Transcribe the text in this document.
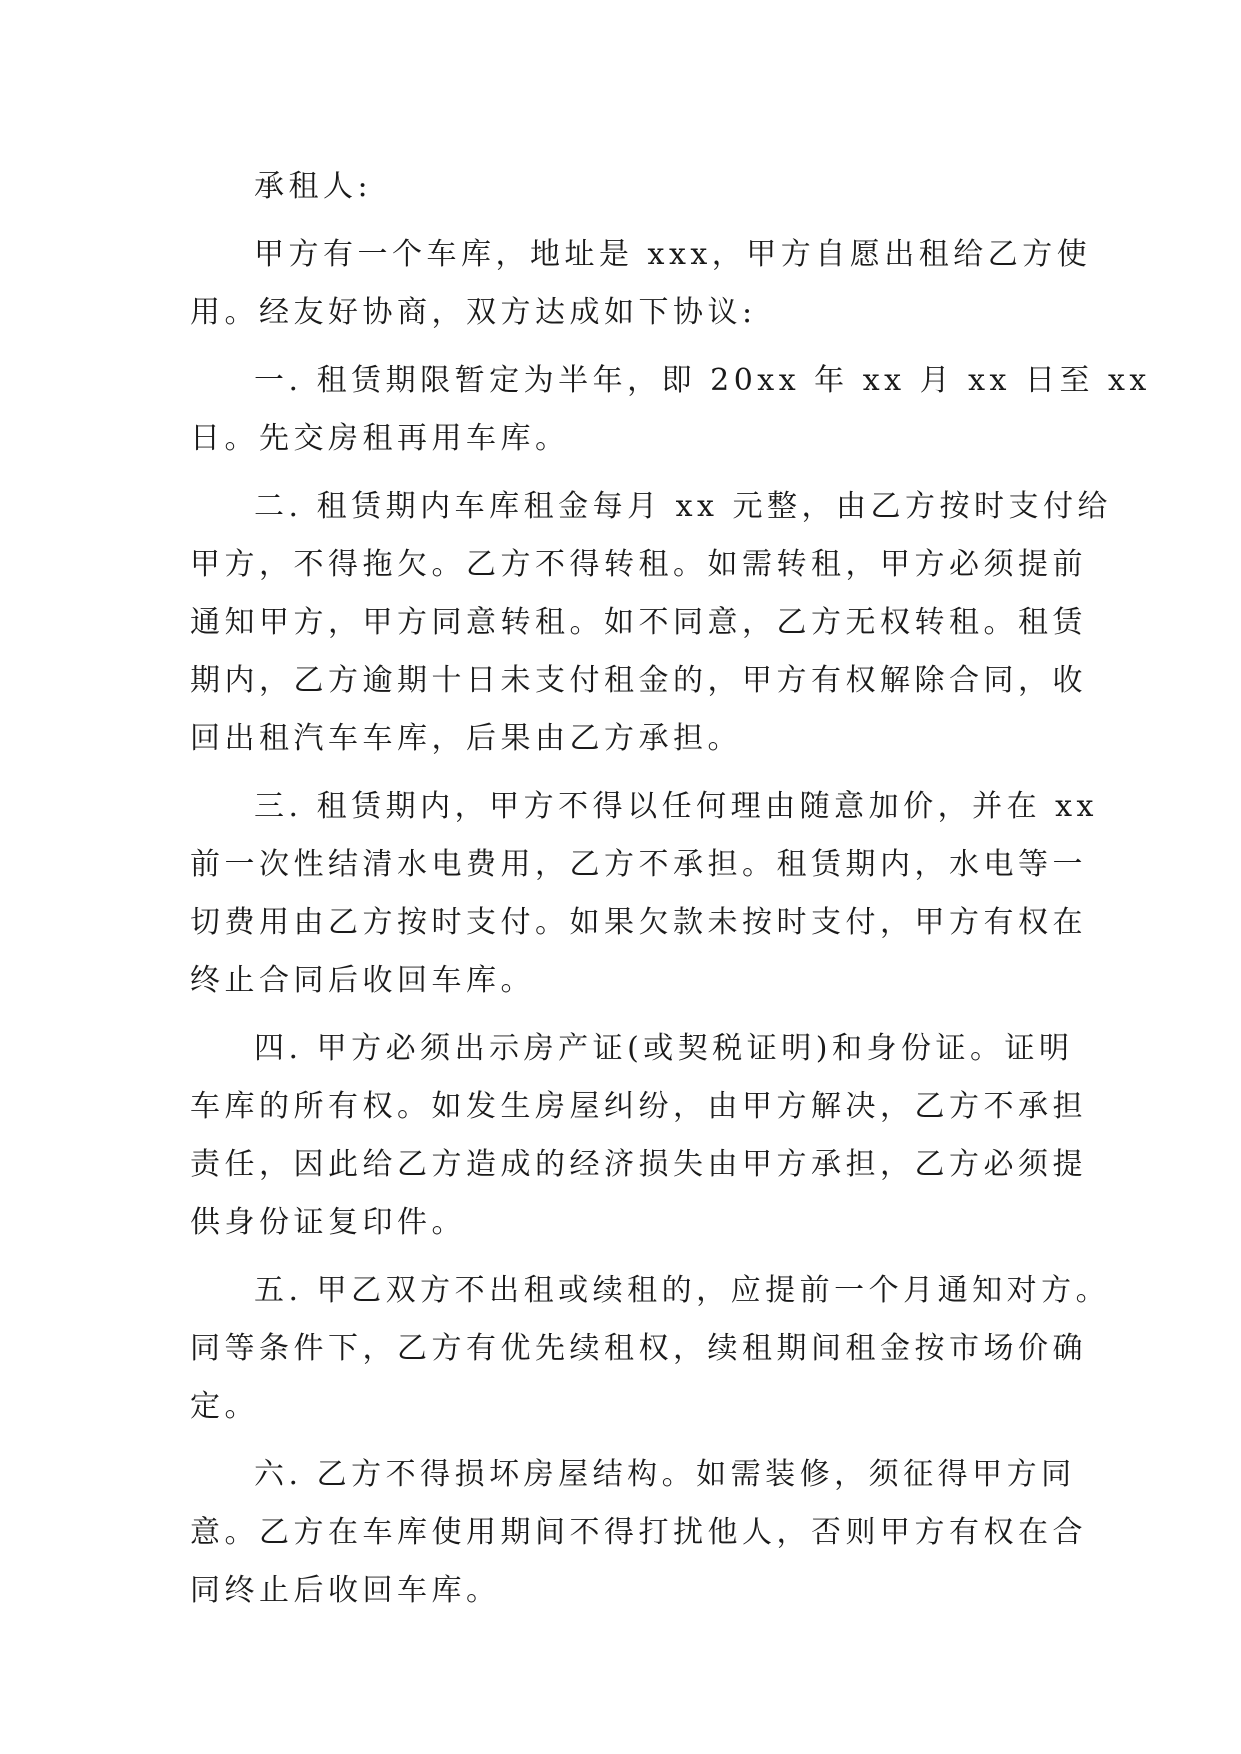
承租人:
甲方有一个车库，地址是 xxx，甲方自愿出租给乙方使
用。经友好协商，双方达成如下协议:
一. 租赁期限暂定为半年，即 20xx 年 xx 月 xx 日至 xx
日。先交房租再用车库。
二. 租赁期内车库租金每月 xx 元整，由乙方按时支付给
甲方，不得拖欠。乙方不得转租。如需转租，甲方必须提前
通知甲方，甲方同意转租。如不同意，乙方无权转租。租赁
期内，乙方逾期十日未支付租金的，甲方有权解除合同，收
回出租汽车车库，后果由乙方承担。
三. 租赁期内，甲方不得以任何理由随意加价，并在 xx
前一次性结清水电费用，乙方不承担。租赁期内，水电等一
切费用由乙方按时支付。如果欠款未按时支付，甲方有权在
终止合同后收回车库。
四. 甲方必须出示房产证(或契税证明)和身份证。证明
车库的所有权。如发生房屋纠纷，由甲方解决，乙方不承担
责任，因此给乙方造成的经济损失由甲方承担，乙方必须提
供身份证复印件。
五. 甲乙双方不出租或续租的，应提前一个月通知对方。
同等条件下，乙方有优先续租权，续租期间租金按市场价确
定。
六. 乙方不得损坏房屋结构。如需装修，须征得甲方同
意。乙方在车库使用期间不得打扰他人，否则甲方有权在合
同终止后收回车库。
